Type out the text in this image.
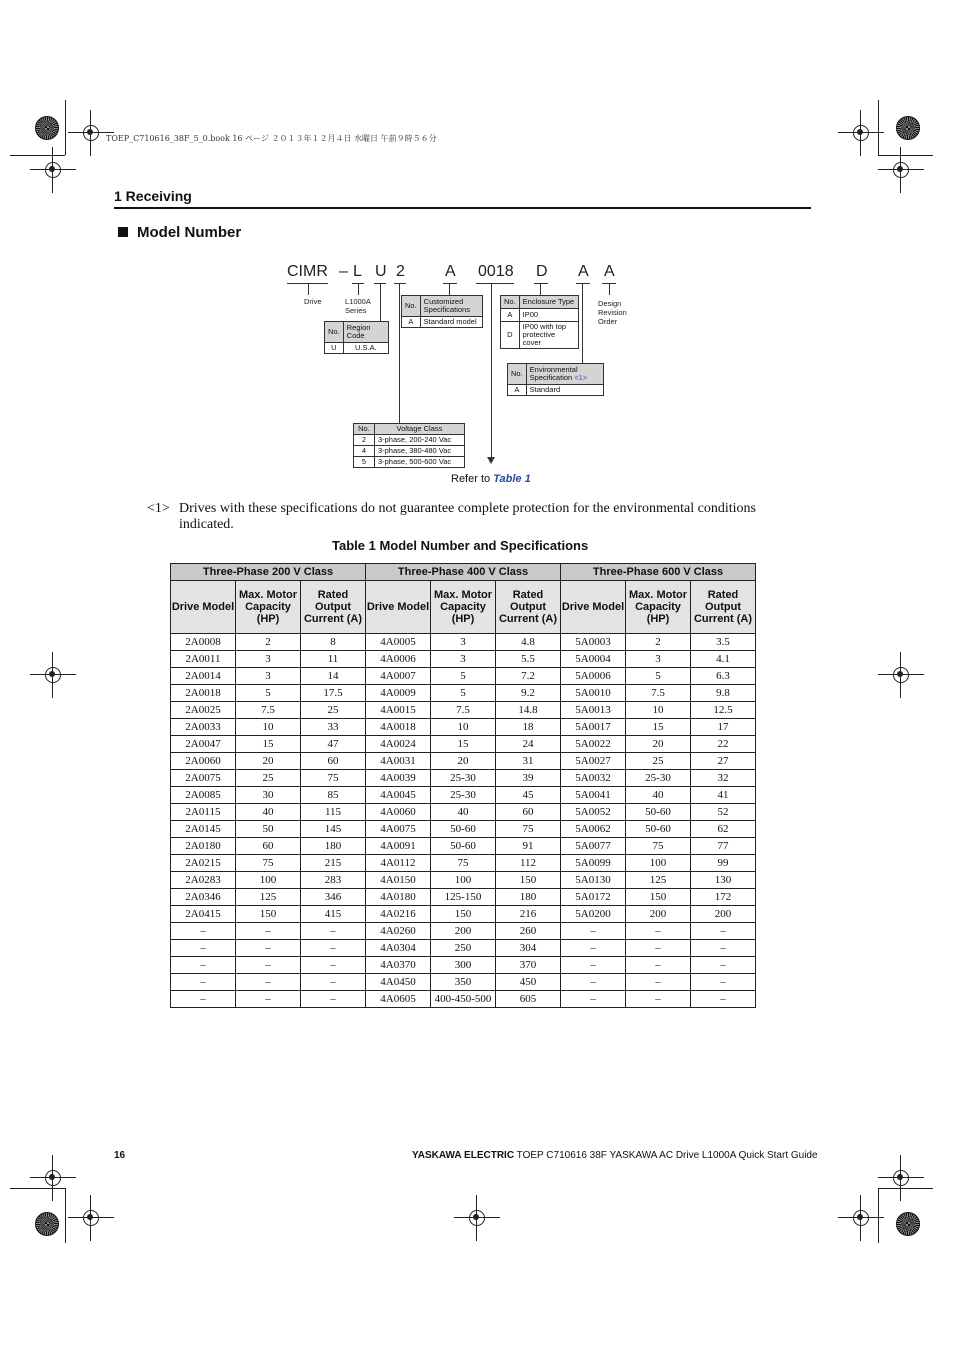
TOEP_C710616_38F_5_0.book 16 ページ ２０１３年１２月４日 水曜日 午前９時５６分
1 Receiving
Model Number
CIMR – L U 2	A 0018 D A A
Drive	L1000A
Series
Design
Revision
Order
No.	Region Code
U	U.S.A.
No.	Customized Specifications
A	Standard model
No.	Enclosure Type
A	IP00
D	IP00 with top protective cover
No.	Environmental Specification <1>
A	Standard
No.	Voltage Class
2	3-phase, 200-240 Vac
4	3-phase, 380-480 Vac
5	3-phase, 500-600 Vac
Refer to Table 1
<1> Drives with these specifications do not guarantee complete protection for the environmental conditions indicated.
Table 1 Model Number and Specifications
Three-Phase 200 V Class			Three-Phase 400 V Class			Three-Phase 600 V Class		
Drive Model	Max. Motor Capacity (HP)	Rated Output Current (A)	Drive Model	Max. Motor Capacity (HP)	Rated Output Current (A)	Drive Model	Max. Motor Capacity (HP)	Rated Output Current (A)
2A0008	2	8	4A0005	3	4.8	5A0003	2	3.5
2A0011	3	11	4A0006	3	5.5	5A0004	3	4.1
2A0014	3	14	4A0007	5	7.2	5A0006	5	6.3
2A0018	5	17.5	4A0009	5	9.2	5A0010	7.5	9.8
2A0025	7.5	25	4A0015	7.5	14.8	5A0013	10	12.5
2A0033	10	33	4A0018	10	18	5A0017	15	17
2A0047	15	47	4A0024	15	24	5A0022	20	22
2A0060	20	60	4A0031	20	31	5A0027	25	27
2A0075	25	75	4A0039	25-30	39	5A0032	25-30	32
2A0085	30	85	4A0045	25-30	45	5A0041	40	41
2A0115	40	115	4A0060	40	60	5A0052	50-60	52
2A0145	50	145	4A0075	50-60	75	5A0062	50-60	62
2A0180	60	180	4A0091	50-60	91	5A0077	75	77
2A0215	75	215	4A0112	75	112	5A0099	100	99
2A0283	100	283	4A0150	100	150	5A0130	125	130
2A0346	125	346	4A0180	125-150	180	5A0172	150	172
2A0415	150	415	4A0216	150	216	5A0200	200	200
–	–	–	4A0260	200	260	–	–	–
–	–	–	4A0304	250	304	–	–	–
–	–	–	4A0370	300	370	–	–	–
–	–	–	4A0450	350	450	–	–	–
–	–	–	4A0605	400-450-500	605	–	–	–
16	YASKAWA ELECTRIC TOEP C710616 38F YASKAWA AC Drive L1000A Quick Start Guide
